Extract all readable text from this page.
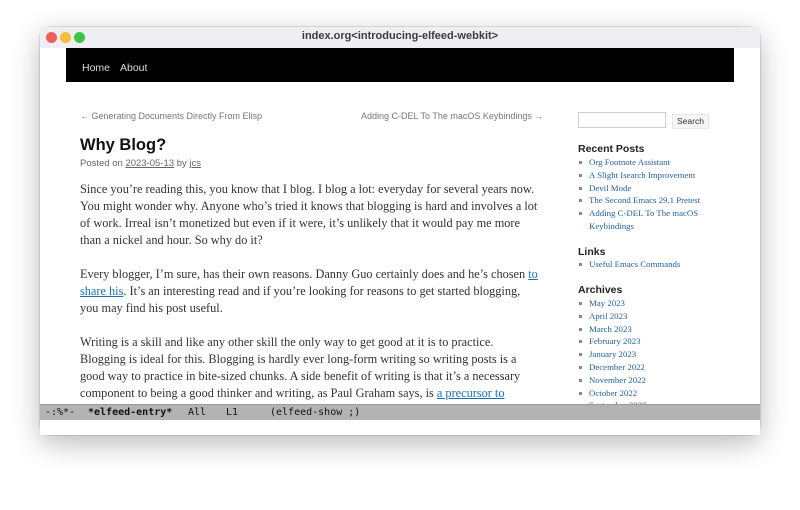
index.org<introducing-elfeed-webkit>
Home About
← Generating Documents Directly From Elisp	Adding C-DEL To The macOS Keybindings →
Why Blog?
Posted on 2023-05-13 by jcs

Since you’re reading this, you know that I blog. I blog a lot: everyday for several years now. You might wonder why. Anyone who’s tried it knows that blogging is hard and involves a lot of work. Irreal isn’t monetized but even if it were, it’s unlikely that it would pay me more than a nickel and hour. So why do it?

Every blogger, I’m sure, has their own reasons. Danny Guo certainly does and he’s chosen to share his. It’s an interesting read and if you’re looking for reasons to get started blogging, you may find his post useful.

Writing is a skill and like any other skill the only way to get good at it is to practice. Blogging is ideal for this. Blogging is hardly ever long-form writing so writing posts is a good way to practice in bite-sized chunks. A side benefit of writing is that it’s a necessary component to being a good thinker and writing, as Paul Graham says, is a precursor to

Search
Recent Posts
Org Footnote Assistant
A Slight Isearch Improvement
Devil Mode
The Second Emacs 29.1 Pretest
Adding C-DEL To The macOS Keybindings
Links
Useful Emacs Commands
Archives
May 2023
April 2023
March 2023
February 2023
January 2023
December 2022
November 2022
October 2022

-:%*-

*elfeed-entry*

All

L1

	(elfeed-show ;)
